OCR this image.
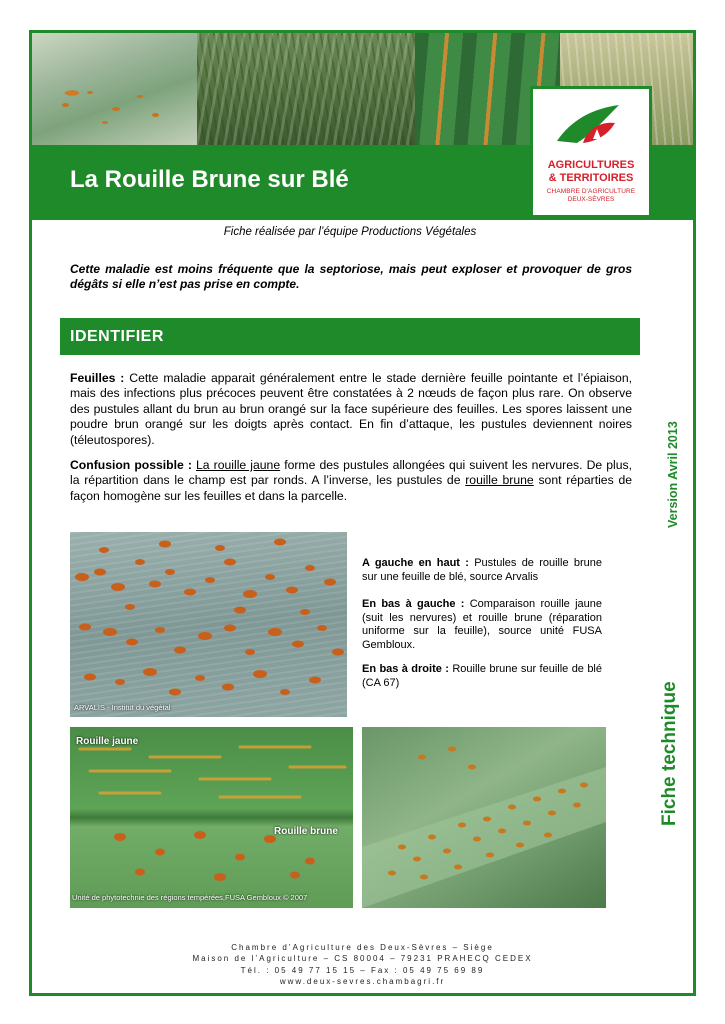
La Rouille Brune sur Blé
AGRICULTURES
& TERRITOIRES
CHAMBRE D'AGRICULTURE
DEUX-SÈVRES
Fiche réalisée par l’équipe Productions Végétales
Cette maladie est moins fréquente que la septoriose, mais peut exploser et provoquer de gros dégâts si elle n’est pas prise en compte.
IDENTIFIER
Feuilles : Cette maladie apparait généralement entre le stade dernière feuille pointante et l’épiaison, mais des infections plus précoces peuvent être constatées à 2 nœuds de façon plus rare. On observe des pustules allant du brun au brun orangé sur la face supérieure des feuilles. Les spores laissent une poudre brun orangé sur les doigts après contact. En fin d’attaque, les pustules deviennent noires (téleutospores).
Confusion possible : La rouille jaune forme des pustules allongées qui suivent les nervures. De plus, la répartition dans le champ est par ronds. A l’inverse, les pustules de rouille brune sont réparties de façon homogène sur les feuilles et dans la parcelle.	Version Avril 2013
Fiche technique
ARVALIS - Institut du végétal
Rouille jaune
Rouille brune
Unité de phytotechnie des régions tempérées,FUSA Gembloux © 2007
A gauche en haut : Pustules de rouille brune sur une feuille de blé, source Arvalis
En bas à gauche : Comparaison rouille jaune (suit les nervures) et rouille brune (réparation uniforme sur la feuille), source unité FUSA Gembloux.
En bas à droite : Rouille brune sur feuille de blé (CA 67)
Chambre d’Agriculture des Deux-Sèvres – Siège
Maison de l’Agriculture – CS 80004 – 79231 PRAHECQ CEDEX
Tél. : 05 49 77 15 15 – Fax : 05 49 75 69 89
www.deux-sevres.chambagri.fr
